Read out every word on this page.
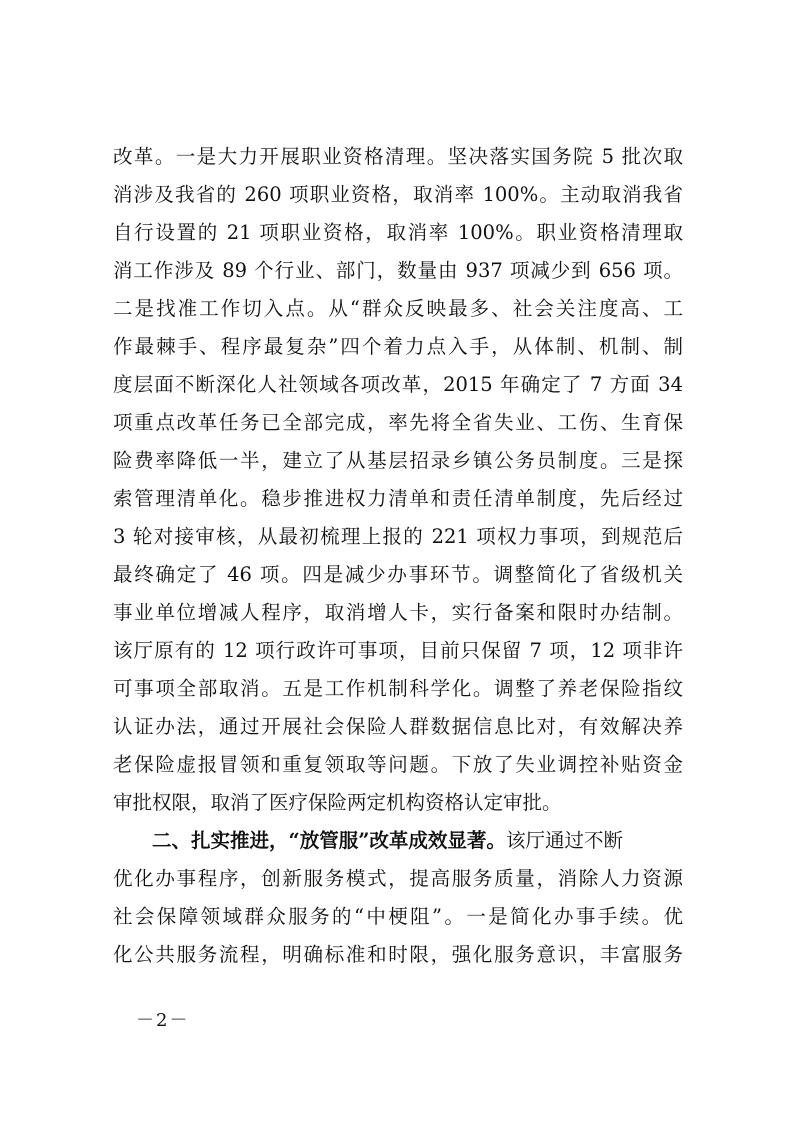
改革。一是大力开展职业资格清理。坚决落实国务院 5 批次取
消涉及我省的 260 项职业资格，取消率 100%。主动取消我省
自行设置的 21 项职业资格，取消率 100%。职业资格清理取
消工作涉及 89 个行业、部门，数量由 937 项减少到 656 项。
二是找准工作切入点。从“群众反映最多、社会关注度高、工
作最棘手、程序最复杂”四个着力点入手，从体制、机制、制
度层面不断深化人社领域各项改革，2015 年确定了 7 方面 34
项重点改革任务已全部完成，率先将全省失业、工伤、生育保
险费率降低一半，建立了从基层招录乡镇公务员制度。三是探
索管理清单化。稳步推进权力清单和责任清单制度，先后经过
3 轮对接审核，从最初梳理上报的 221 项权力事项，到规范后
最终确定了 46 项。四是减少办事环节。调整简化了省级机关
事业单位增减人程序，取消增人卡，实行备案和限时办结制。
该厅原有的 12 项行政许可事项，目前只保留 7 项，12 项非许
可事项全部取消。五是工作机制科学化。调整了养老保险指纹
认证办法，通过开展社会保险人群数据信息比对，有效解决养
老保险虚报冒领和重复领取等问题。下放了失业调控补贴资金
审批权限，取消了医疗保险两定机构资格认定审批。
二、扎实推进，“放管服”改革成效显著。该厅通过不断
优化办事程序，创新服务模式，提高服务质量，消除人力资源
社会保障领域群众服务的“中梗阻”。一是简化办事手续。优
化公共服务流程，明确标准和时限，强化服务意识，丰富服务
－2－
